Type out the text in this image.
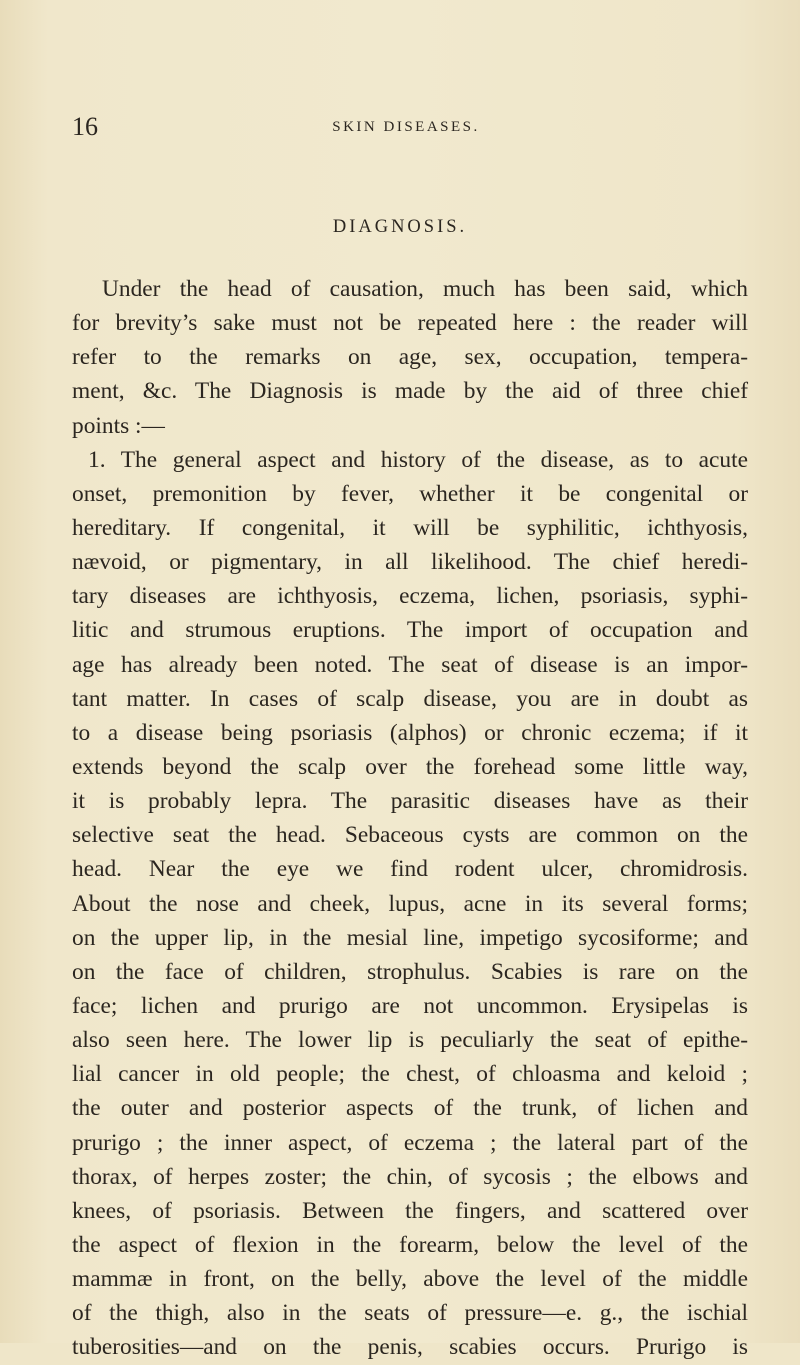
16	SKIN DISEASES.
DIAGNOSIS.
Under the head of causation, much has been said, which
for brevity’s sake must not be repeated here : the reader will
refer to the remarks on age, sex, occupation, tempera-
ment, &c. The Diagnosis is made by the aid of three chief
points :—
1. The general aspect and history of the disease, as to acute
onset, premonition by fever, whether it be congenital or
hereditary. If congenital, it will be syphilitic, ichthyosis,
nævoid, or pigmentary, in all likelihood. The chief heredi-
tary diseases are ichthyosis, eczema, lichen, psoriasis, syphi-
litic and strumous eruptions. The import of occupation and
age has already been noted. The seat of disease is an impor-
tant matter. In cases of scalp disease, you are in doubt as
to a disease being psoriasis (alphos) or chronic eczema; if it
extends beyond the scalp over the forehead some little way,
it is probably lepra. The parasitic diseases have as their
selective seat the head. Sebaceous cysts are common on the
head. Near the eye we find rodent ulcer, chromidrosis.
About the nose and cheek, lupus, acne in its several forms;
on the upper lip, in the mesial line, impetigo sycosiforme; and
on the face of children, strophulus. Scabies is rare on the
face; lichen and prurigo are not uncommon. Erysipelas is
also seen here. The lower lip is peculiarly the seat of epithe-
lial cancer in old people; the chest, of chloasma and keloid ;
the outer and posterior aspects of the trunk, of lichen and
prurigo ; the inner aspect, of eczema ; the lateral part of the
thorax, of herpes zoster; the chin, of sycosis ; the elbows and
knees, of psoriasis. Between the fingers, and scattered over
the aspect of flexion in the forearm, below the level of the
mammæ in front, on the belly, above the level of the middle
of the thigh, also in the seats of pressure—e. g., the ischial
tuberosities—and on the penis, scabies occurs. Prurigo is
